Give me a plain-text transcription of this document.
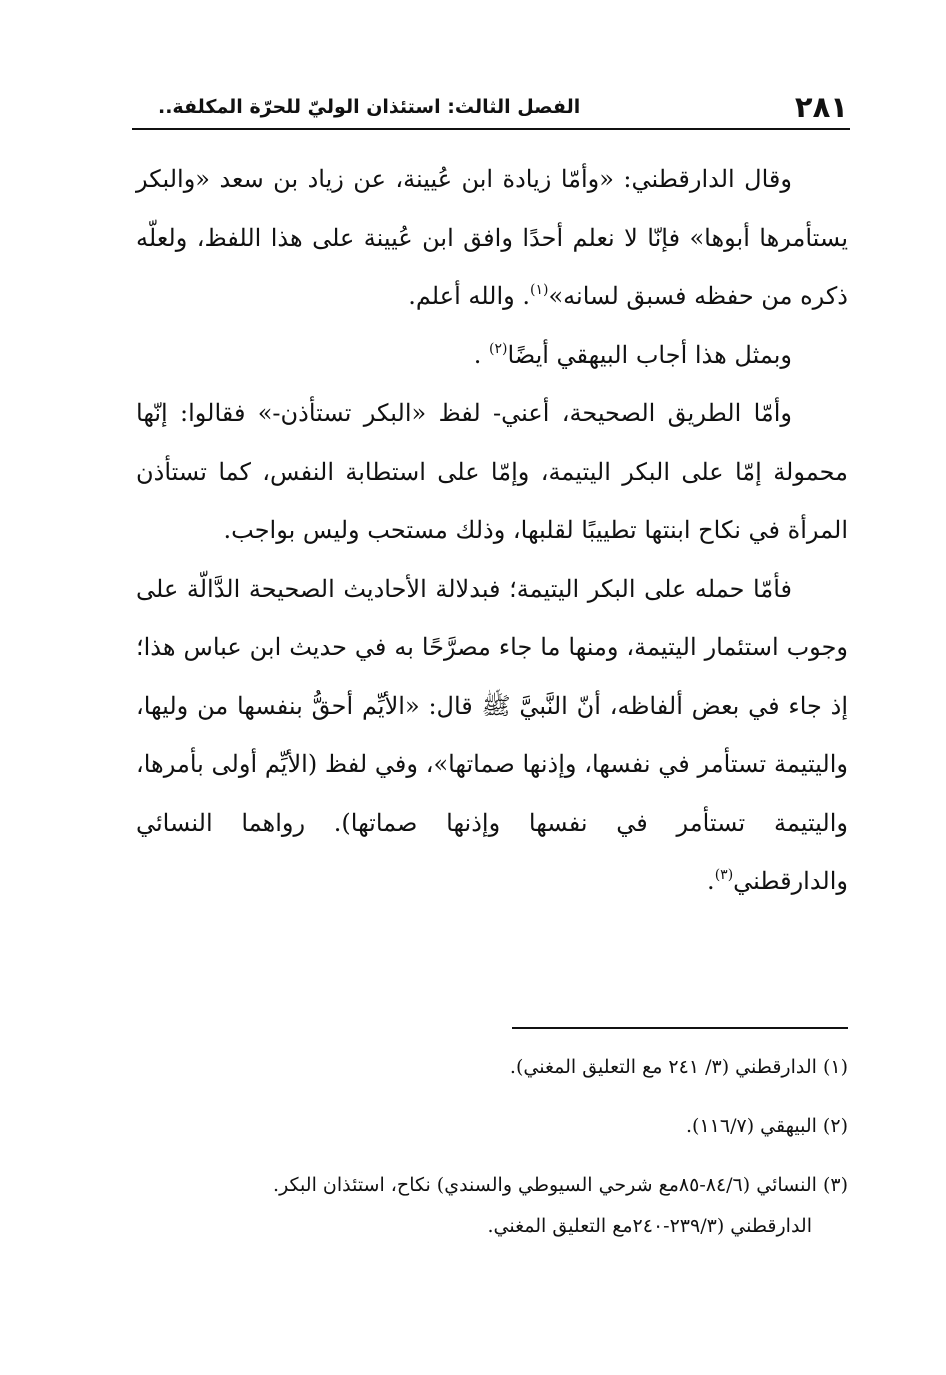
٢٨١
الفصل الثالث: استئذان الوليّ للحرّة المكلفة..

وقال الدارقطني: «وأمّا زيادة ابن عُيينة، عن زياد بن سعد «والبكر يستأمرها أبوها» فإنّا لا نعلم أحدًا وافق ابن عُيينة على هذا اللفظ، ولعلّه ذكره من حفظه فسبق لسانه»$^{(١)}$. والله أعلم.

وبمثل هذا أجاب البيهقي أيضًا$^{(٢)}$ .

وأمّا الطريق الصحيحة، أعني- لفظ «البكر تستأذن-» فقالوا: إنّها محمولة إمّا على البكر اليتيمة، وإمّا على استطابة النفس، كما تستأذن المرأة في نكاح ابنتها تطييبًا لقلبها، وذلك مستحب وليس بواجب.

فأمّا حمله على البكر اليتيمة؛ فبدلالة الأحاديث الصحيحة الدَّالّة على وجوب استئمار اليتيمة، ومنها ما جاء مصرَّحًا به في حديث ابن عباس هذا؛ إذ جاء في بعض ألفاظه، أنّ النَّبيَّ ﷺ قال: «الأيِّم أحقُّ بنفسها من وليها، واليتيمة تستأمر في نفسها، وإذنها صماتها»، وفي لفظ (الأيِّم أولى بأمرها، واليتيمة تستأمر في نفسها وإذنها صماتها). رواهما النسائي والدارقطني$^{(٣)}$.

(١) الدارقطني (٣/ ٢٤١ مع التعليق المغني).

(٢) البيهقي (١١٦/٧).

(٣) النسائي (٨٤/٦-٨٥مع شرحي السيوطي والسندي) نكاح، استئذان البكر.
الدارقطني (٢٣٩/٣-٢٤٠مع التعليق المغني.
